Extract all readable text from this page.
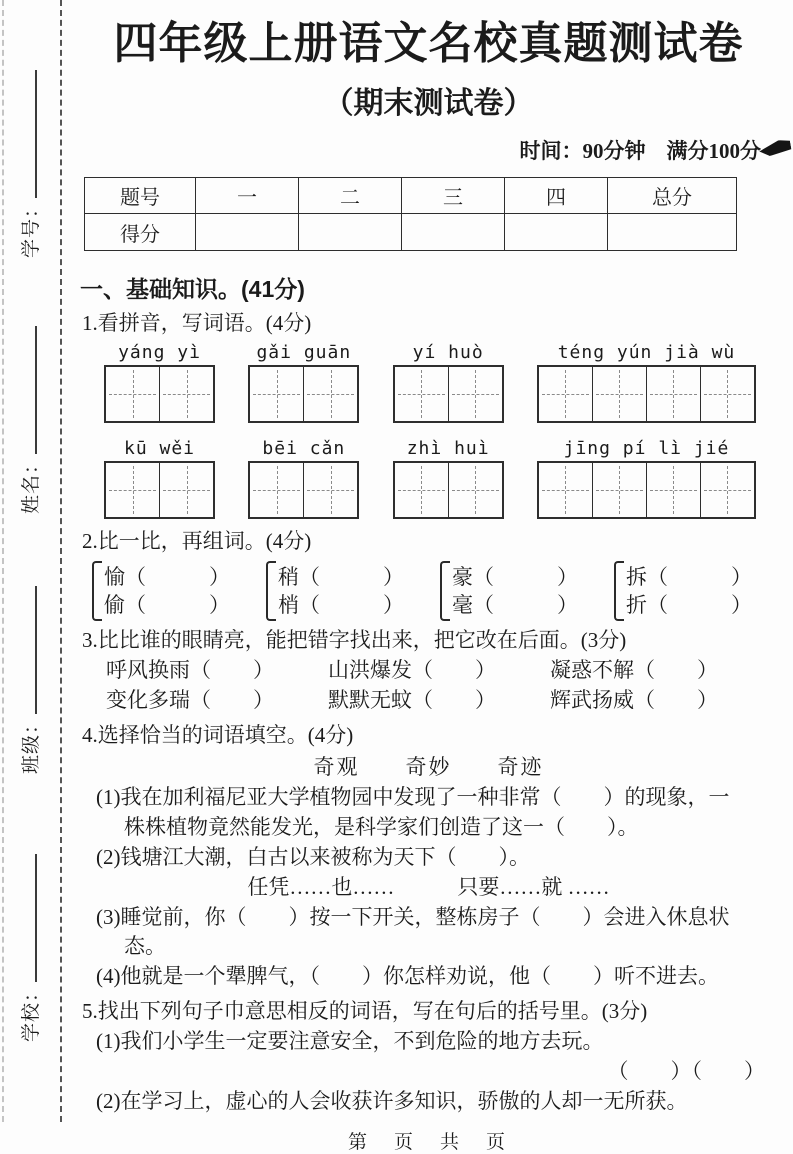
学号：
姓名：
班级：
学校：
四年级上册语文名校真题测试卷
（期末测试卷）
时间：90分钟　满分100分
题号	一	二	三	四	总分
得分					
一、基础知识。(41分)
1.看拼音，写词语。(4分)
yáng yì	gǎi guān	yí huò	téng yún jià wù
kū wěi	bēi cǎn	zhì huì	jīng pí lì jié
2.比一比，再组词。(4分)
愉（　　　）
偷（　　　）
稍（　　　）
梢（　　　）
豪（　　　）
毫（　　　）
拆（　　　）
折（　　　）
3.比比谁的眼睛亮，能把错字找出来，把它改在后面。(3分)
呼风换雨（　　）	山洪爆发（　　）	凝惑不解（　　）
变化多瑞（　　）	默默无蚊（　　）	辉武扬威（　　）
4.选择恰当的词语填空。(4分)
奇观　　奇妙　　奇迹
(1)我在加利福尼亚大学植物园中发现了一种非常（　　）的现象，一
株株植物竟然能发光，是科学家们创造了这一（　　）。
(2)钱塘江大潮，白古以来被称为天下（　　）。
任凭……也……　　　只要……就 ……
(3)睡觉前，你（　　）按一下开关，整栋房子（　　）会进入休息状
态。
(4)他就是一个犟脾气，（　　）你怎样劝说，他（　　）听不进去。
5.找出下列句子巾意思相反的词语，写在句后的括号里。(3分)
(1)我们小学生一定要注意安全，不到危险的地方去玩。
（　　）（　　）
(2)在学习上，虚心的人会收获许多知识，骄傲的人却一无所获。
第　页　共　页
